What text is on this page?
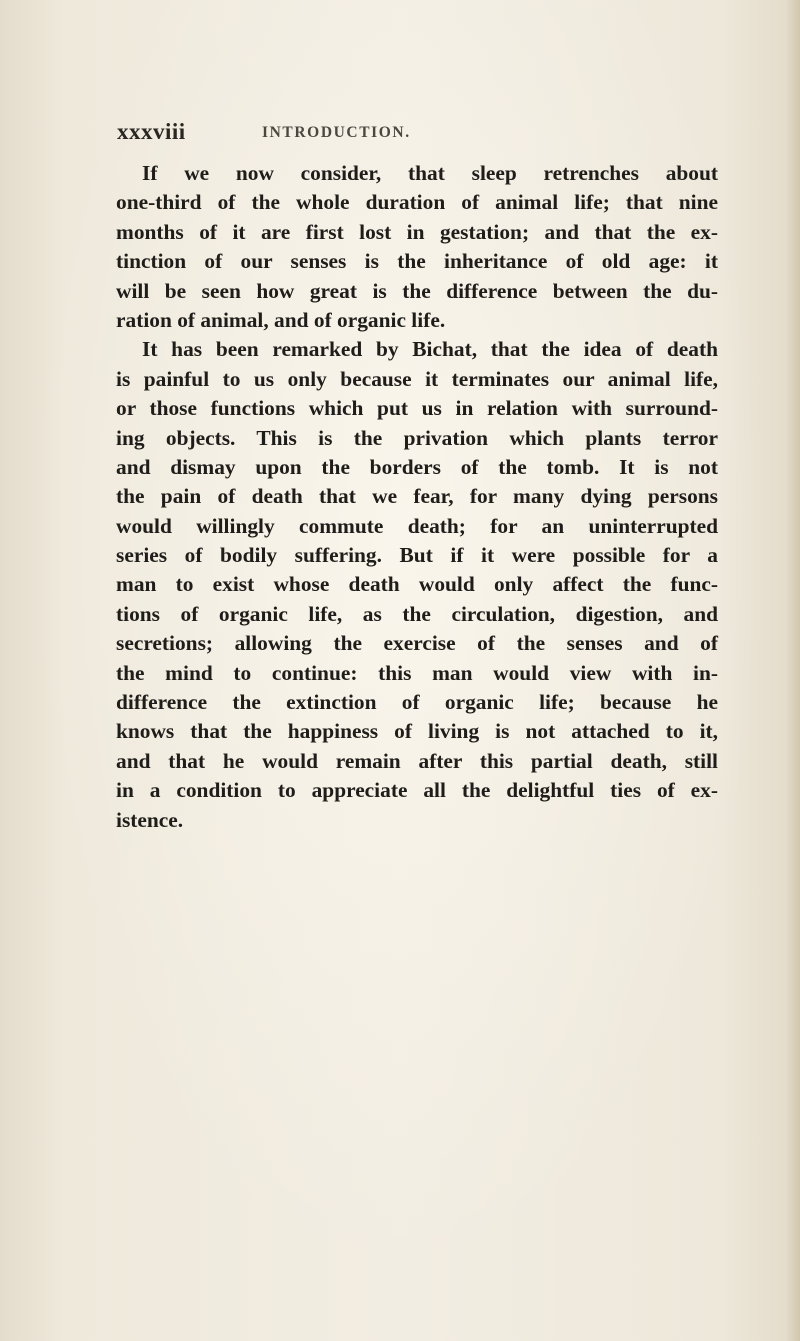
xxxviii	INTRODUCTION.
If we now consider, that sleep retrenches about
one-third of the whole duration of animal life; that nine
months of it are first lost in gestation; and that the ex-
tinction of our senses is the inheritance of old age: it
will be seen how great is the difference between the du-
ration of animal, and of organic life.
It has been remarked by Bichat, that the idea of death
is painful to us only because it terminates our animal life,
or those functions which put us in relation with surround-
ing objects. This is the privation which plants terror
and dismay upon the borders of the tomb. It is not
the pain of death that we fear, for many dying persons
would willingly commute death; for an uninterrupted
series of bodily suffering. But if it were possible for a
man to exist whose death would only affect the func-
tions of organic life, as the circulation, digestion, and
secretions; allowing the exercise of the senses and of
the mind to continue: this man would view with in-
difference the extinction of organic life; because he
knows that the happiness of living is not attached to it,
and that he would remain after this partial death, still
in a condition to appreciate all the delightful ties of ex-
istence.
